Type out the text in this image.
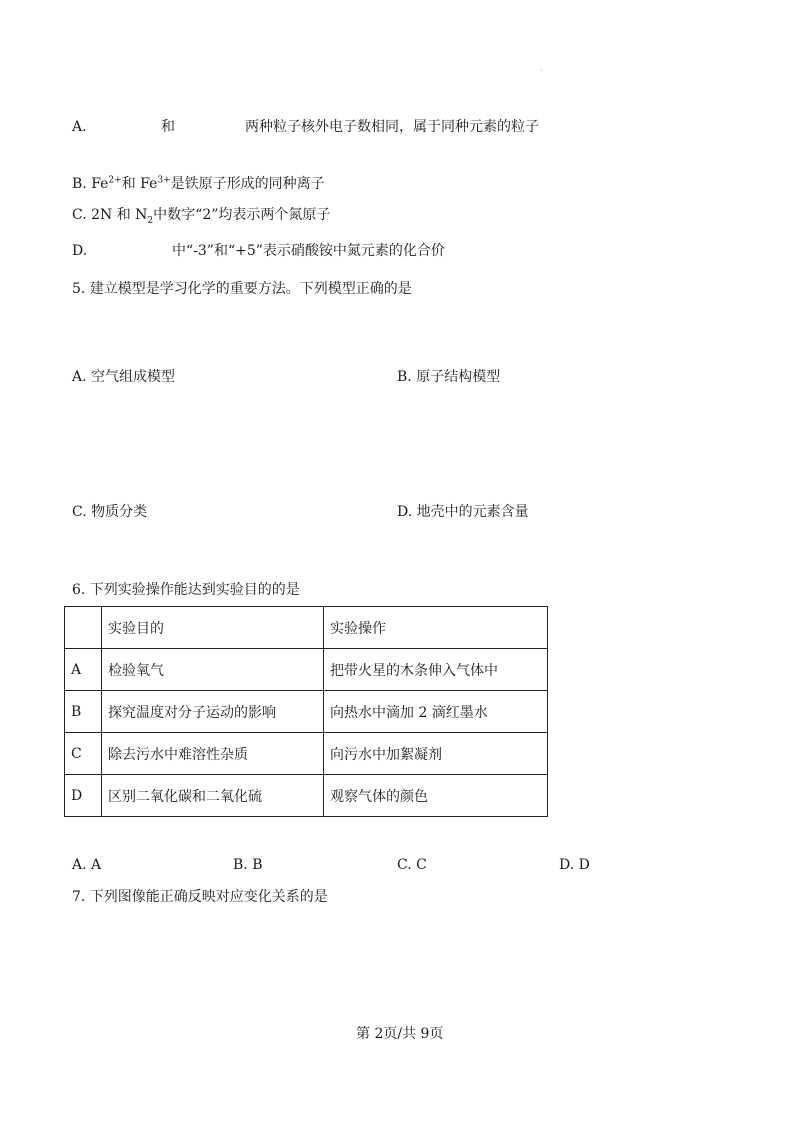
·
A.	和	两种粒子核外电子数相同，属于同种元素的粒子
B. $Fe^{2+}$和 $Fe^{3+}$是铁原子形成的同种离子
C. 2N 和 $N_2$中数字“2”均表示两个氮原子
D.	中“-3”和“+5”表示硝酸铵中氮元素的化合价
5. 建立模型是学习化学的重要方法。下列模型正确的是
A. 空气组成模型	B. 原子结构模型
C. 物质分类	D. 地壳中的元素含量
6. 下列实验操作能达到实验目的的是
	实验目的	实验操作
A	检验氧气	把带火星的木条伸入气体中
B	探究温度对分子运动的影响	向热水中滴加 2 滴红墨水
C	除去污水中难溶性杂质	向污水中加絮凝剂
D	区别二氧化碳和二氧化硫	观察气体的颜色
A. A	B. B	C. C	D. D
7. 下列图像能正确反映对应变化关系的是
第 2页/共 9页
